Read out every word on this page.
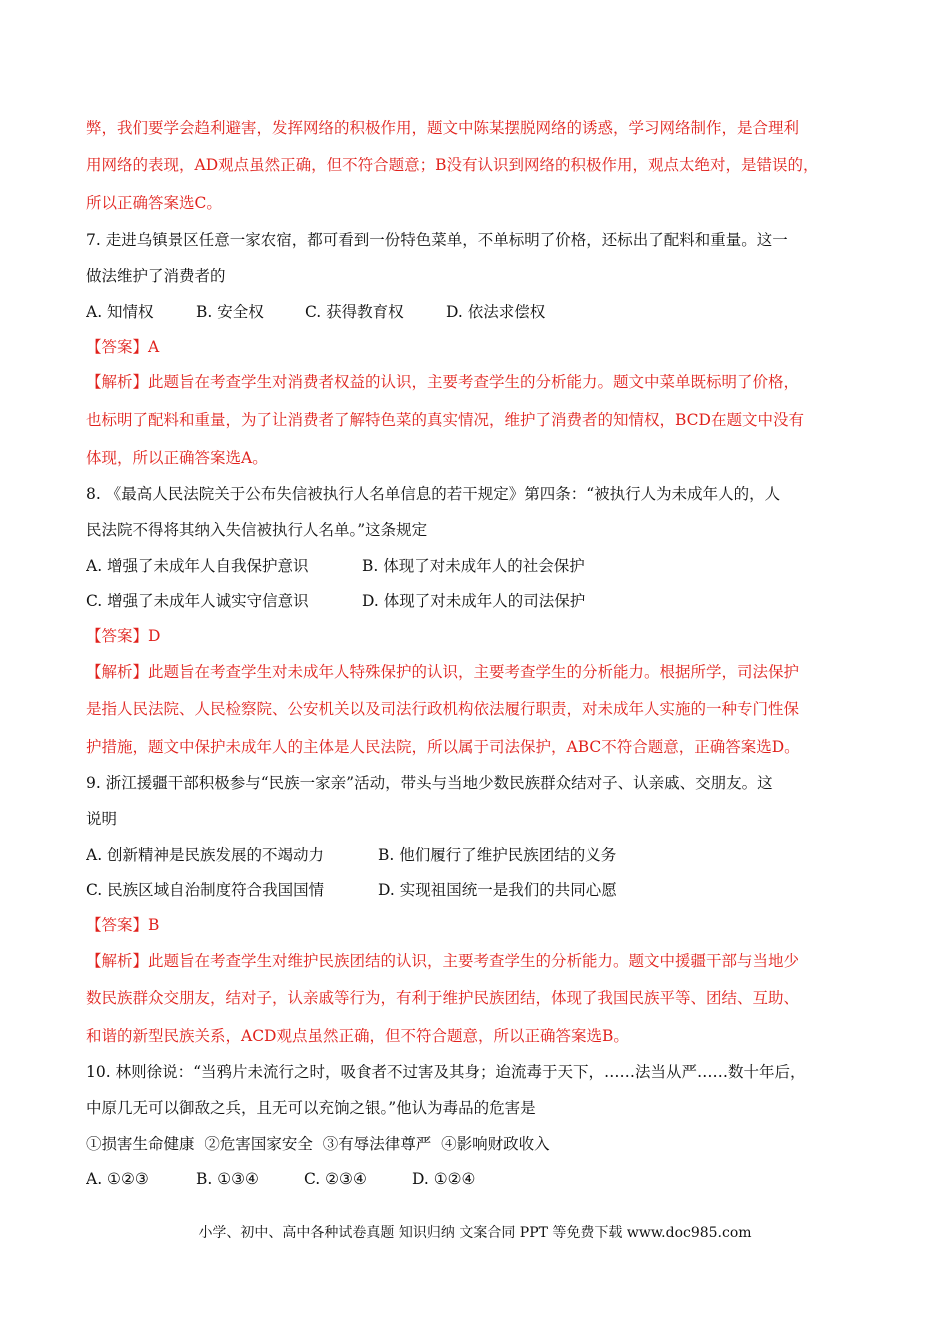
弊，我们要学会趋利避害，发挥网络的积极作用，题文中陈某摆脱网络的诱惑，学习网络制作，是合理利
用网络的表现，AD观点虽然正确，但不符合题意；B没有认识到网络的积极作用，观点太绝对，是错误的，
所以正确答案选C。
7. 走进乌镇景区任意一家农宿，都可看到一份特色菜单，不单标明了价格，还标出了配料和重量。这一
做法维护了消费者的
A. 知情权	B. 安全权	C. 获得教育权	D. 依法求偿权
【答案】A
【解析】此题旨在考查学生对消费者权益的认识，主要考查学生的分析能力。题文中菜单既标明了价格，
也标明了配料和重量，为了让消费者了解特色菜的真实情况，维护了消费者的知情权，BCD在题文中没有
体现，所以正确答案选A。
8. 《最高人民法院关于公布失信被执行人名单信息的若干规定》第四条：“被执行人为未成年人的，人
民法院不得将其纳入失信被执行人名单。”这条规定
A. 增强了未成年人自我保护意识	B. 体现了对未成年人的社会保护
C. 增强了未成年人诚实守信意识	D. 体现了对未成年人的司法保护
【答案】D
【解析】此题旨在考查学生对未成年人特殊保护的认识，主要考查学生的分析能力。根据所学，司法保护
是指人民法院、人民检察院、公安机关以及司法行政机构依法履行职责，对未成年人实施的一种专门性保
护措施，题文中保护未成年人的主体是人民法院，所以属于司法保护，ABC不符合题意，正确答案选D。
9. 浙江援疆干部积极参与“民族一家亲”活动，带头与当地少数民族群众结对子、认亲戚、交朋友。这
说明
A. 创新精神是民族发展的不竭动力	B. 他们履行了维护民族团结的义务
C. 民族区域自治制度符合我国国情	D. 实现祖国统一是我们的共同心愿
【答案】B
【解析】此题旨在考查学生对维护民族团结的认识，主要考查学生的分析能力。题文中援疆干部与当地少
数民族群众交朋友，结对子，认亲戚等行为，有利于维护民族团结，体现了我国民族平等、团结、互助、
和谐的新型民族关系，ACD观点虽然正确，但不符合题意，所以正确答案选B。
10. 林则徐说：“当鸦片未流行之时，吸食者不过害及其身；迨流毒于天下，……法当从严……数十年后，
中原几无可以御敌之兵，且无可以充饷之银。”他认为毒品的危害是
①损害生命健康  ②危害国家安全  ③有辱法律尊严  ④影响财政收入
A. ①②③	B. ①③④	C. ②③④	D. ①②④
小学、初中、高中各种试卷真题 知识归纳 文案合同 PPT 等免费下载 www.doc985.com
